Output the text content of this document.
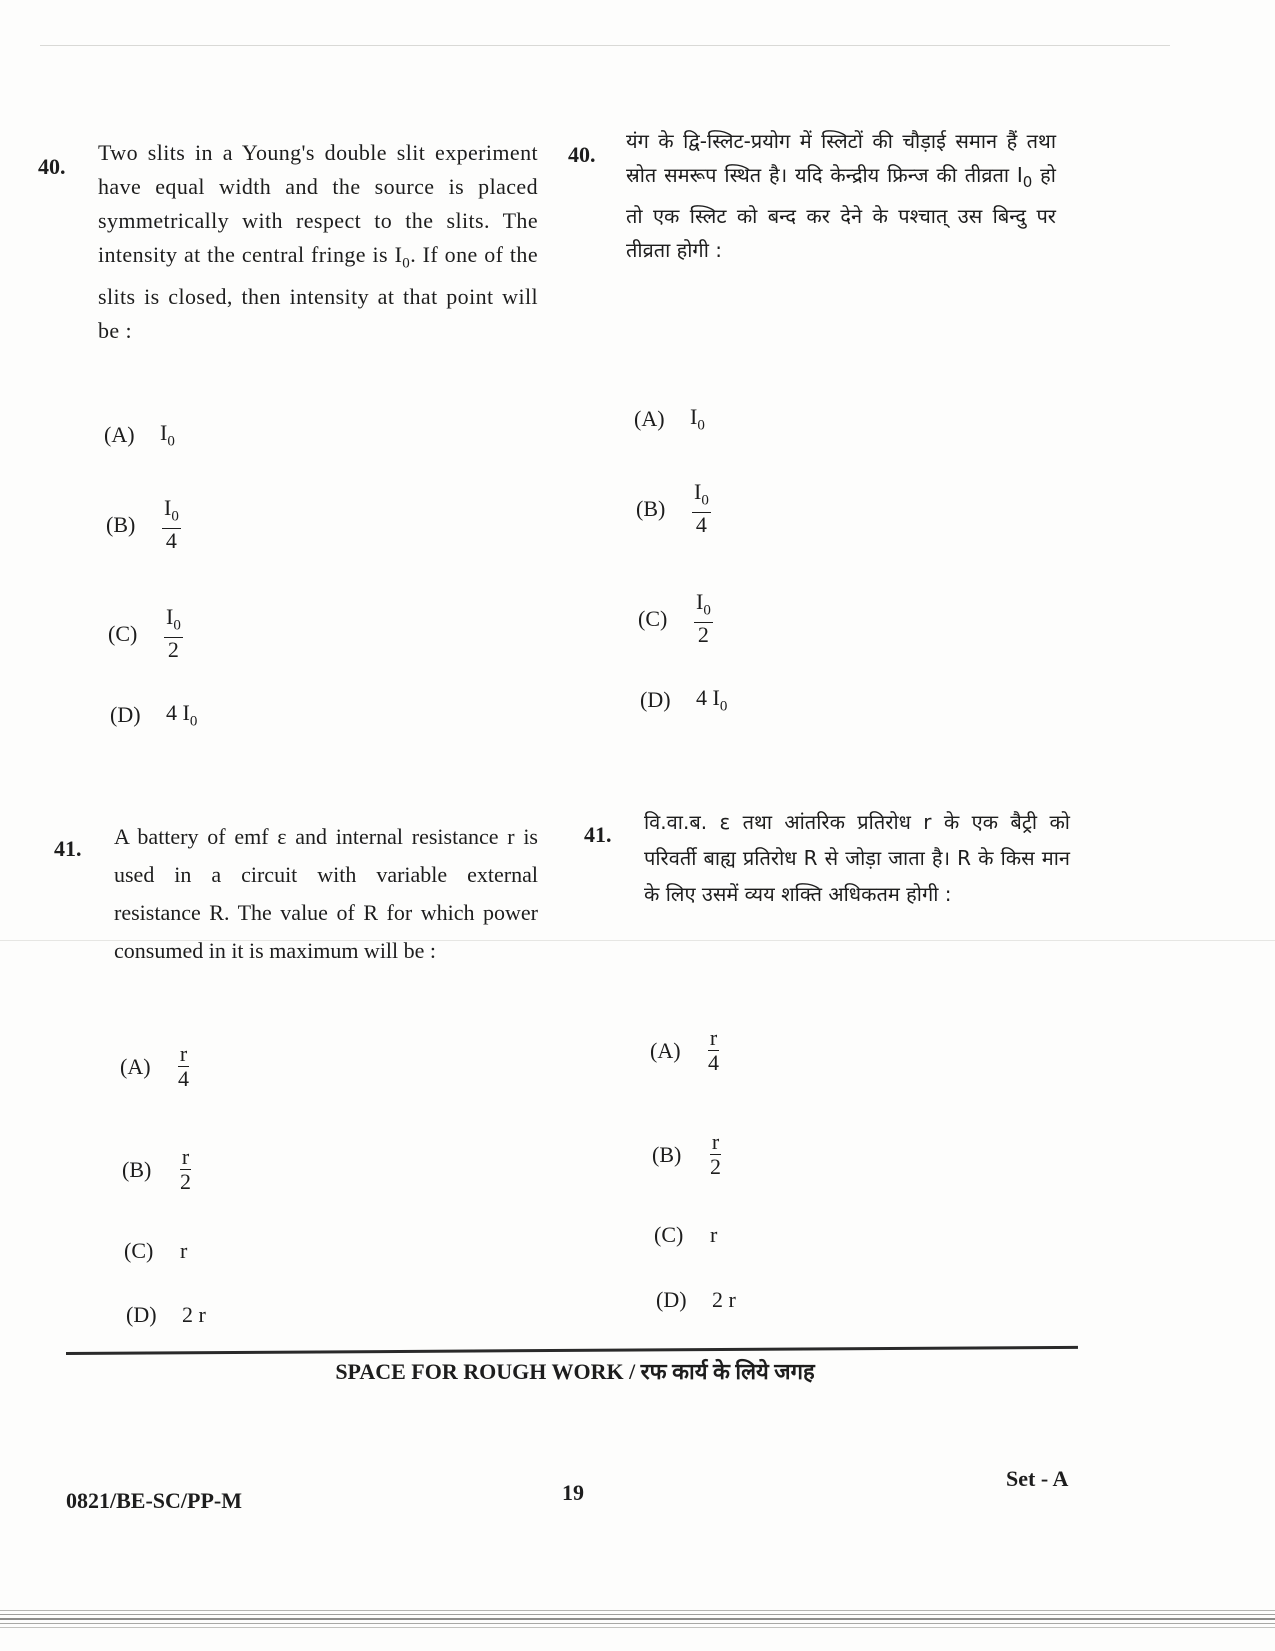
40.
Two slits in a Young's double slit experiment have equal width and the source is placed symmetrically with respect to the slits. The intensity at the central fringe is $I_0$. If one of the slits is closed, then intensity at that point will be :
(A)	$I_0$
(B)	$\frac{I_0}{4}$
(C)	$\frac{I_0}{2}$
(D)	4 $I_0$
40.
यंग के द्वि-स्लिट-प्रयोग में स्लिटों की चौड़ाई समान हैं तथा स्रोत समरूप स्थित है। यदि केन्द्रीय फ्रिन्ज की तीव्रता $I_0$ हो तो एक स्लिट को बन्द कर देने के पश्चात् उस बिन्दु पर तीव्रता होगी :
(A)	$I_0$
(B)	$\frac{I_0}{4}$
(C)	$\frac{I_0}{2}$
(D)	4 $I_0$
41. A battery of emf ε and internal resistance r is used in a circuit with variable external resistance R. The value of R for which power consumed in it is maximum will be :
(A)	$\frac{r}{4}$
(B)	$\frac{r}{2}$
(C)	r
(D)	2 r
41. वि.वा.ब. ε तथा आंतरिक प्रतिरोध r के एक बैट्री को परिवर्ती बाह्य प्रतिरोध R से जोड़ा जाता है। R के किस मान के लिए उसमें व्यय शक्ति अधिकतम होगी :
(A)	$\frac{r}{4}$
(B)	$\frac{r}{2}$
(C)	r
(D)	2 r
SPACE FOR ROUGH WORK / रफ कार्य के लिये जगह
0821/BE-SC/PP-M	19
Set - A
